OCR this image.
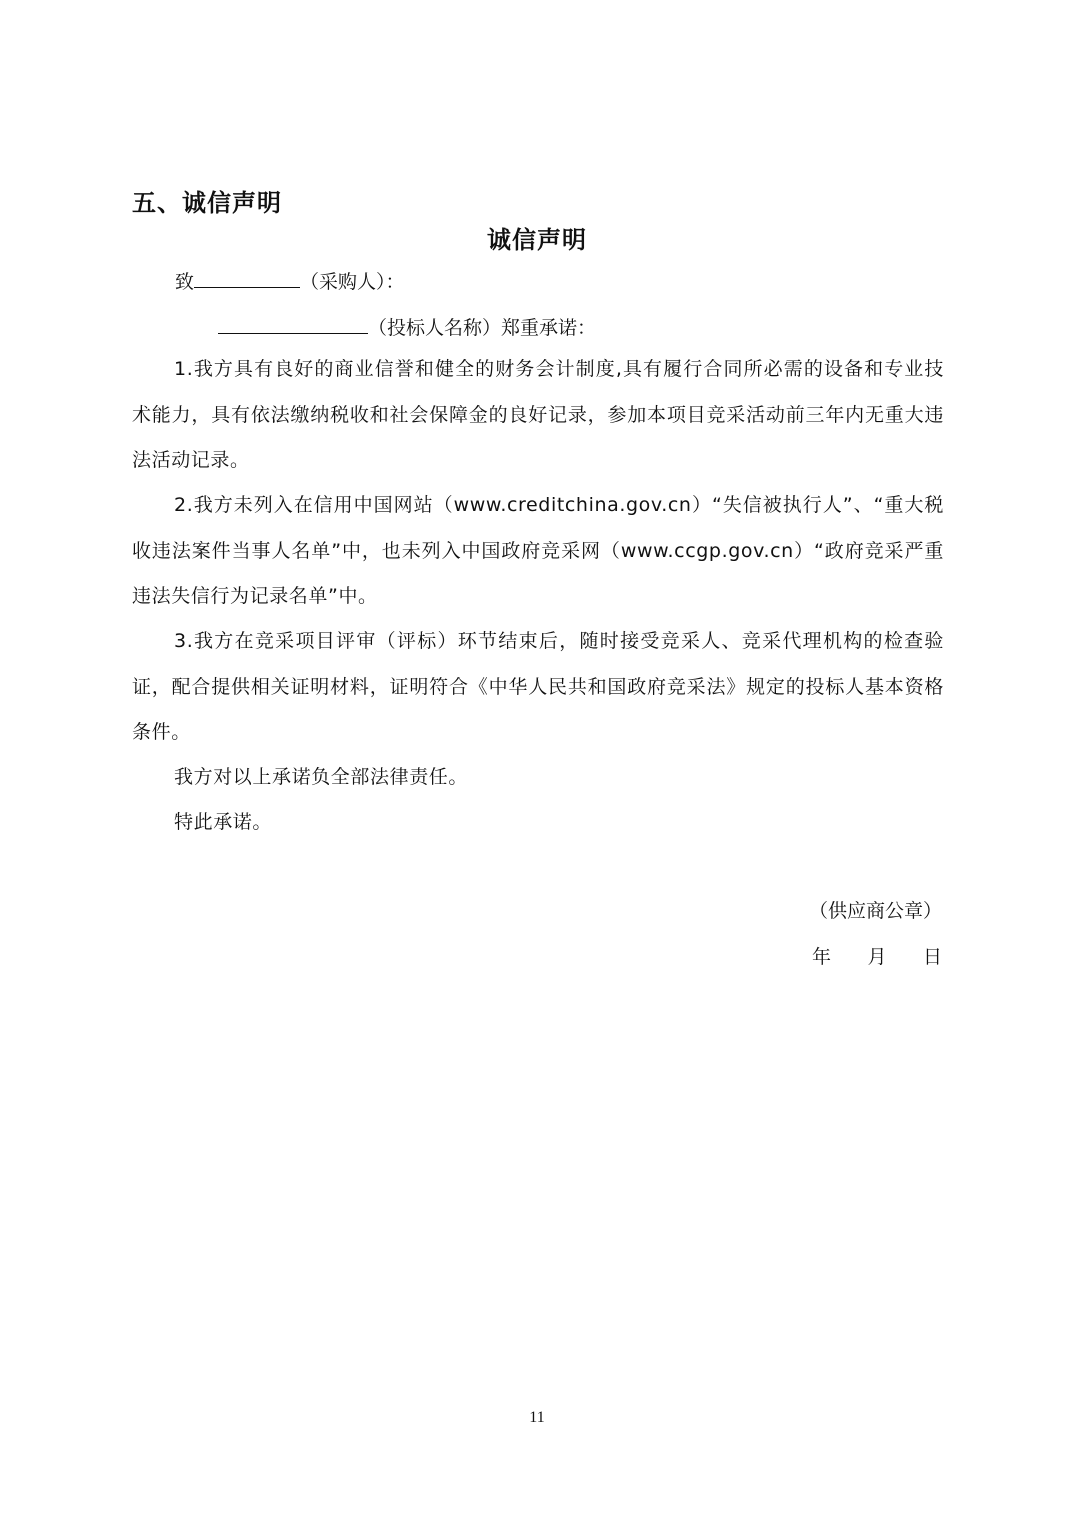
五、诚信声明
诚信声明
致	（采购人）：
（投标人名称）郑重承诺：

1.我方具有良好的商业信誉和健全的财务会计制度,具有履行合同所必需的设备和专业技术能力，具有依法缴纳税收和社会保障金的良好记录，参加本项目竞采活动前三年内无重大违法活动记录。

2.我方未列入在信用中国网站（www.creditchina.gov.cn）“失信被执行人”、“重大税收违法案件当事人名单”中，也未列入中国政府竞采网（www.ccgp.gov.cn）“政府竞采严重违法失信行为记录名单”中。

3.我方在竞采项目评审（评标）环节结束后，随时接受竞采人、竞采代理机构的检查验证，配合提供相关证明材料，证明符合《中华人民共和国政府竞采法》规定的投标人基本资格条件。

我方对以上承诺负全部法律责任。

特此承诺。

（供应商公章）
年 月 日
11
